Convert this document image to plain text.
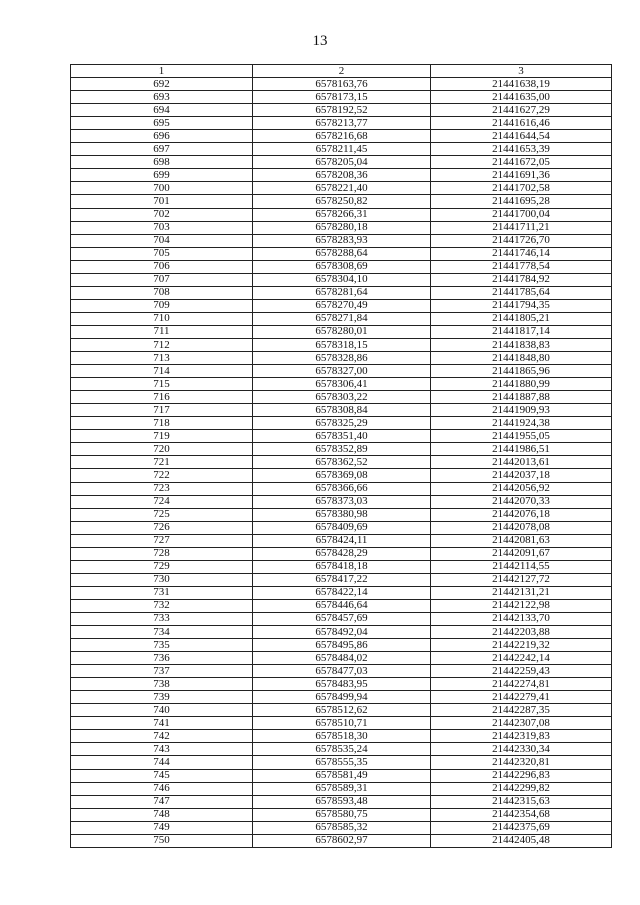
13
1	2	3
692	6578163,76	21441638,19
693	6578173,15	21441635,00
694	6578192,52	21441627,29
695	6578213,77	21441616,46
696	6578216,68	21441644,54
697	6578211,45	21441653,39
698	6578205,04	21441672,05
699	6578208,36	21441691,36
700	6578221,40	21441702,58
701	6578250,82	21441695,28
702	6578266,31	21441700,04
703	6578280,18	21441711,21
704	6578283,93	21441726,70
705	6578288,64	21441746,14
706	6578308,69	21441778,54
707	6578304,10	21441784,92
708	6578281,64	21441785,64
709	6578270,49	21441794,35
710	6578271,84	21441805,21
711	6578280,01	21441817,14
712	6578318,15	21441838,83
713	6578328,86	21441848,80
714	6578327,00	21441865,96
715	6578306,41	21441880,99
716	6578303,22	21441887,88
717	6578308,84	21441909,93
718	6578325,29	21441924,38
719	6578351,40	21441955,05
720	6578352,89	21441986,51
721	6578362,52	21442013,61
722	6578369,08	21442037,18
723	6578366,66	21442056,92
724	6578373,03	21442070,33
725	6578380,98	21442076,18
726	6578409,69	21442078,08
727	6578424,11	21442081,63
728	6578428,29	21442091,67
729	6578418,18	21442114,55
730	6578417,22	21442127,72
731	6578422,14	21442131,21
732	6578446,64	21442122,98
733	6578457,69	21442133,70
734	6578492,04	21442203,88
735	6578495,86	21442219,32
736	6578484,02	21442242,14
737	6578477,03	21442259,43
738	6578483,95	21442274,81
739	6578499,94	21442279,41
740	6578512,62	21442287,35
741	6578510,71	21442307,08
742	6578518,30	21442319,83
743	6578535,24	21442330,34
744	6578555,35	21442320,81
745	6578581,49	21442296,83
746	6578589,31	21442299,82
747	6578593,48	21442315,63
748	6578580,75	21442354,68
749	6578585,32	21442375,69
750	6578602,97	21442405,48
